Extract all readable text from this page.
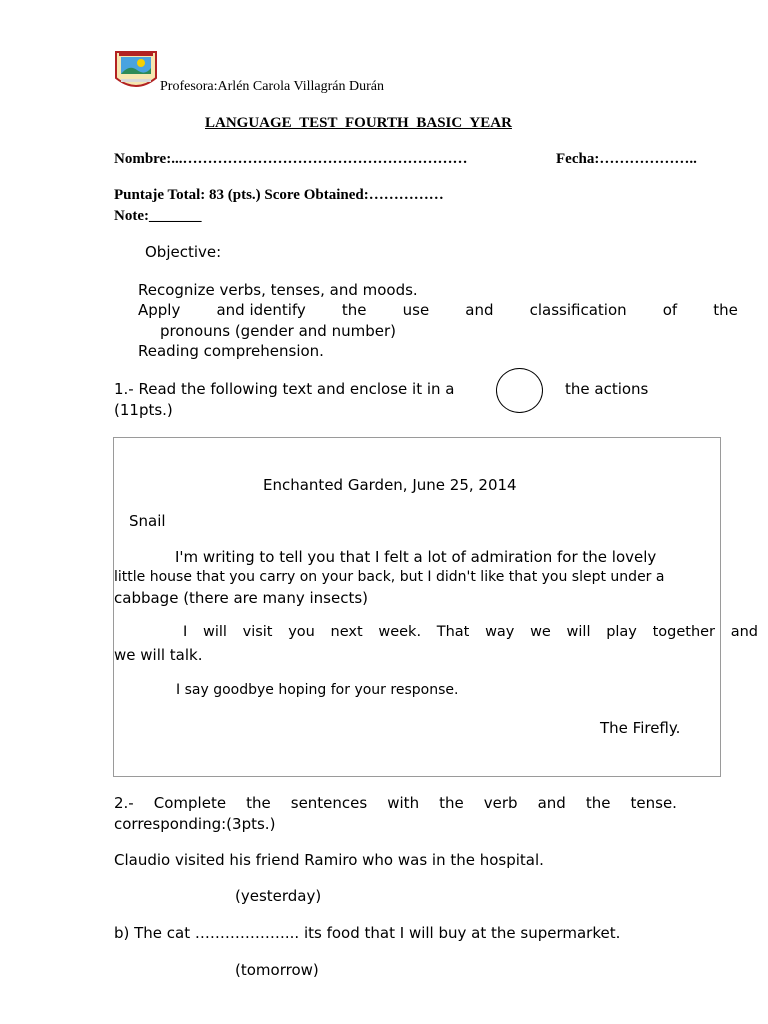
Profesora:Arlén Carola Villagrán Durán
LANGUAGE TEST FOURTH BASIC YEAR
Nombre:...…………………………………………………	Fecha:………………..
Puntaje Total: 83 (pts.) Score Obtained:……………
Note:_______
Objective:
Recognize verbs, tenses, and moods.
Apply and identify the use and classification of the
pronouns (gender and number)
Reading comprehension.
1.- Read the following text and enclose it in a	the actions
(11pts.)
Enchanted Garden, June 25, 2014
Snail
I'm writing to tell you that I felt a lot of admiration for the lovely
little house that you carry on your back, but I didn't like that you slept under a
cabbage (there are many insects)
I will visit you next week. That way we will play together and
we will talk.
I say goodbye hoping for your response.
The Firefly.
2.- Complete the sentences with the verb and the tense.
corresponding:(3pts.)
Claudio visited his friend Ramiro who was in the hospital.
(yesterday)
b) The cat ………………... its food that I will buy at the supermarket.
(tomorrow)
